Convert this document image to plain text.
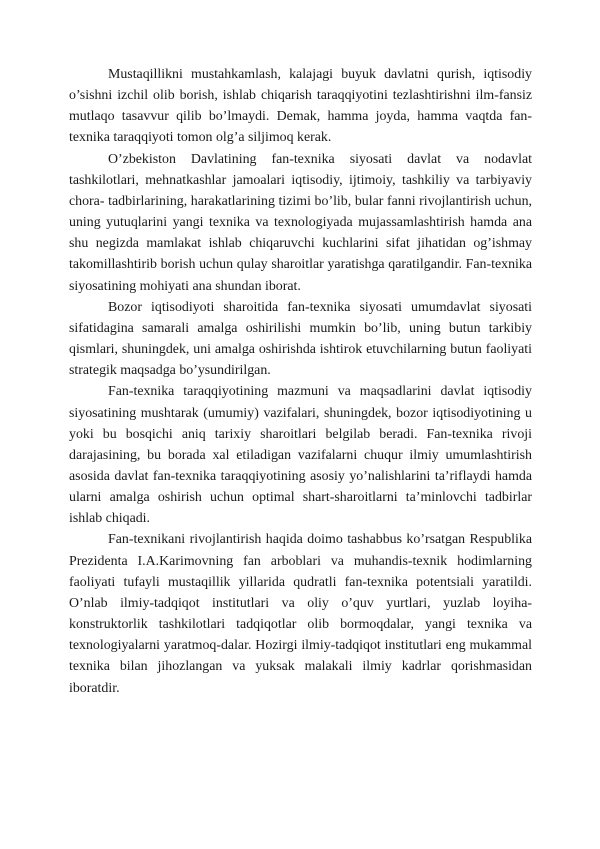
Mustaqillikni mustahkamlash, kalajagi buyuk davlatni qurish, iqtisodiy o’sishni izchil olib borish, ishlab chiqarish taraqqiyotini tezlashtirishni ilm-fansiz mutlaqo tasavvur qilib bo’lmaydi. Demak, hamma joyda, hamma vaqtda fan-texnika taraqqiyoti tomon olg’a siljimoq kerak.

O’zbekiston Davlatining fan-texnika siyosati davlat va nodavlat tashkilotlari, mehnatkashlar jamoalari iqtisodiy, ijtimoiy, tashkiliy va tarbiyaviy chora- tadbirlarining, harakatlarining tizimi bo’lib, bular fanni rivojlantirish uchun, uning yutuqlarini yangi texnika va texnologiyada mujassamlashtirish hamda ana shu negizda mamlakat ishlab chiqaruvchi kuchlarini sifat jihatidan og’ishmay takomillashtirib borish uchun qulay sharoitlar yaratishga qaratilgandir. Fan-texnika siyosatining mohiyati ana shundan iborat.

Bozor iqtisodiyoti sharoitida fan-texnika siyosati umumdavlat siyosati sifatidagina samarali amalga oshirilishi mumkin bo’lib, uning butun tarkibiy qismlari, shuningdek, uni amalga oshirishda ishtirok etuvchilarning butun faoliyati strategik maqsadga bo’ysundirilgan.

Fan-texnika taraqqiyotining mazmuni va maqsadlarini davlat iqtisodiy siyosatining mushtarak (umumiy) vazifalari, shuningdek, bozor iqtisodiyotining u yoki bu bosqichi aniq tarixiy sharoitlari belgilab beradi. Fan-texnika rivoji darajasining, bu borada xal etiladigan vazifalarni chuqur ilmiy umumlashtirish asosida davlat fan-texnika taraqqiyotining asosiy yo’nalishlarini ta’riflaydi hamda ularni amalga oshirish uchun optimal shart-sharoitlarni ta’minlovchi tadbirlar ishlab chiqadi.

Fan-texnikani rivojlantirish haqida doimo tashabbus ko’rsatgan Respublika Prezidenta I.A.Karimovning fan arboblari va muhandis-texnik hodimlarning faoliyati tufayli mustaqillik yillarida qudratli fan-texnika potentsiali yaratildi. O’nlab ilmiy-tadqiqot institutlari va oliy o’quv yurtlari, yuzlab loyiha-konstruktorlik tashkilotlari tadqiqotlar olib bormoqdalar, yangi texnika va texnologiyalarni yaratmoq-dalar. Hozirgi ilmiy-tadqiqot institutlari eng mukammal texnika bilan jihozlangan va yuksak malakali ilmiy kadrlar qorishmasidan iboratdir.
